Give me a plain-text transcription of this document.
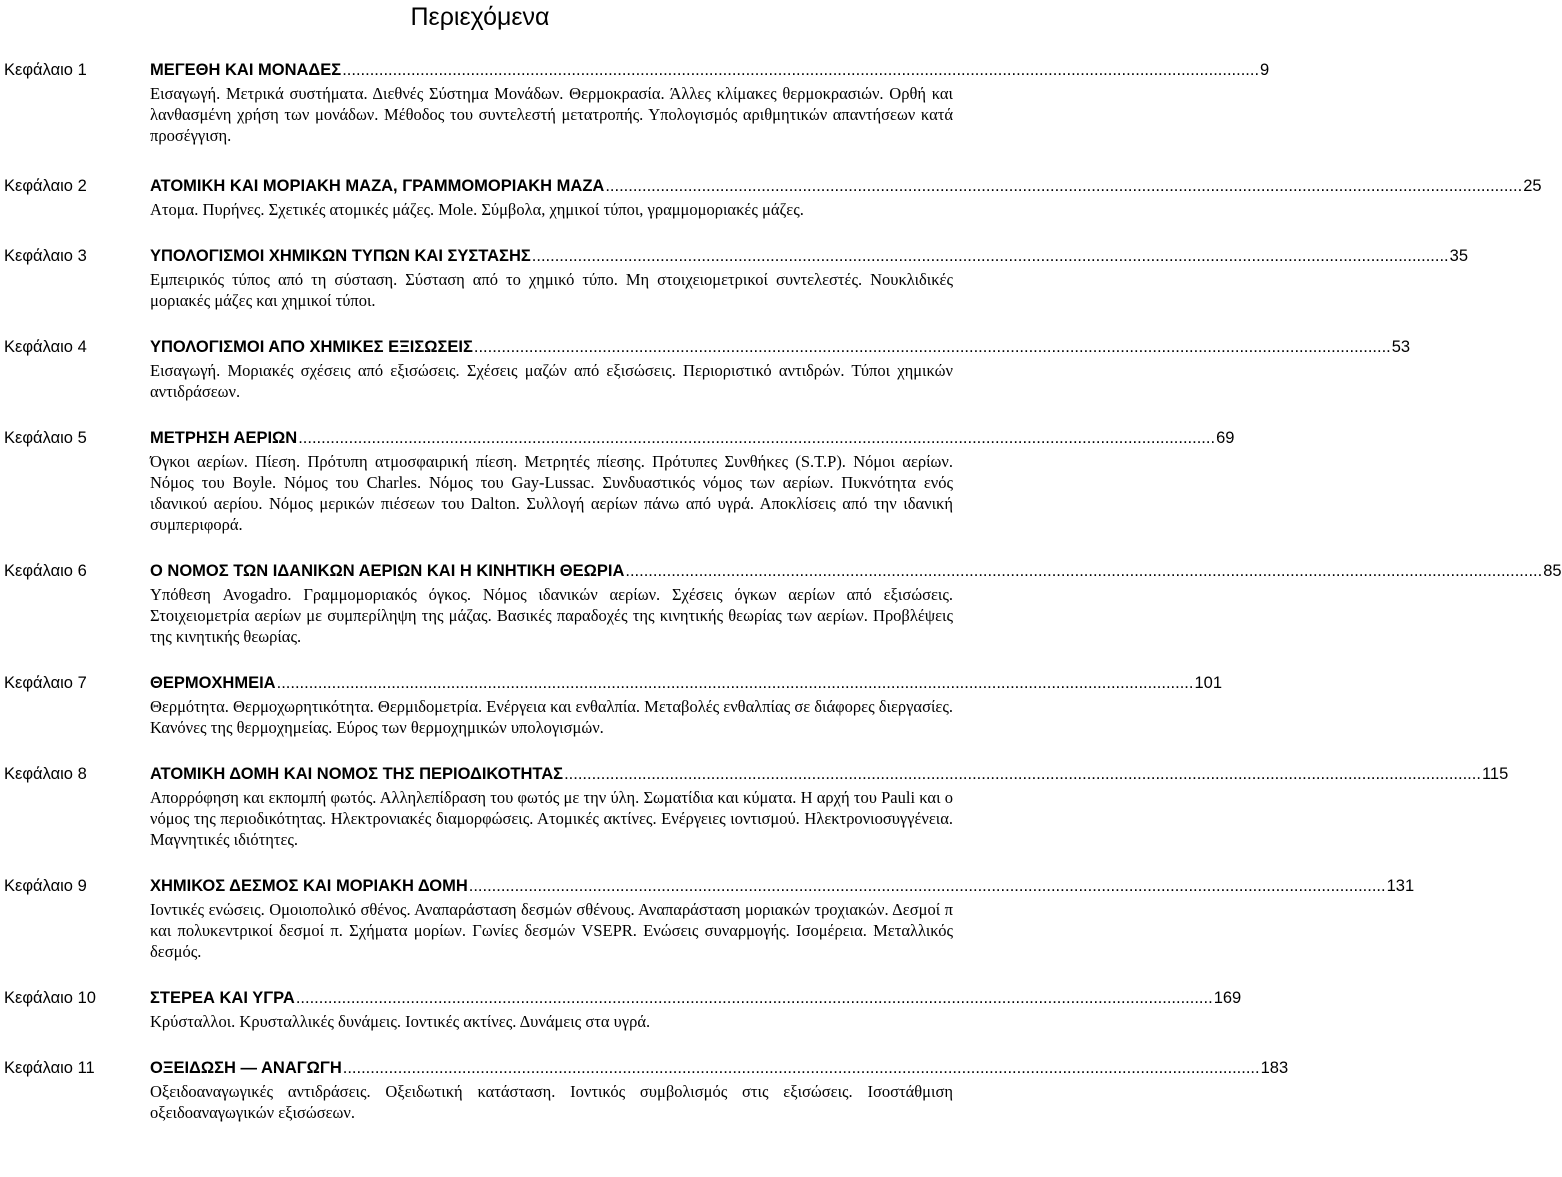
Περιεχόμενα
Κεφάλαιο 1	ΜΕΓΕΘΗ ΚΑΙ ΜΟΝΑΔΕΣ .....	9
Εισαγωγή. Μετρικά συστήματα. Διεθνές Σύστημα Μονάδων. Θερμοκρασία. Άλλες κλίμακες θερμοκρασιών. Ορθή και λανθασμένη χρήση των μονάδων. Μέθοδος του συντελεστή μετατροπής. Υπολογισμός αριθμητικών απαντήσεων κατά προσέγγιση.
Κεφάλαιο 2	ΑΤΟΜΙΚΗ ΚΑΙ ΜΟΡΙΑΚΗ ΜΑΖΑ, ΓΡΑΜΜΟΜΟΡΙΑΚΗ ΜΑΖΑ .....	25
Ατομα. Πυρήνες. Σχετικές ατομικές μάζες. Mole. Σύμβολα, χημικοί τύποι, γραμμομοριακές μάζες.
Κεφάλαιο 3	ΥΠΟΛΟΓΙΣΜΟΙ ΧΗΜΙΚΩΝ ΤΥΠΩΝ ΚΑΙ ΣΥΣΤΑΣΗΣ .....	35
Εμπειρικός τύπος από τη σύσταση. Σύσταση από το χημικό τύπο. Μη στοιχειομετρικοί συντελεστές. Νουκλιδικές μοριακές μάζες και χημικοί τύποι.
Κεφάλαιο 4	ΥΠΟΛΟΓΙΣΜΟΙ ΑΠΟ ΧΗΜΙΚΕΣ ΕΞΙΣΩΣΕΙΣ .....	53
Εισαγωγή. Μοριακές σχέσεις από εξισώσεις. Σχέσεις μαζών από εξισώσεις. Περιοριστικό αντιδρών. Τύποι χημικών αντιδράσεων.
Κεφάλαιο 5	ΜΕΤΡΗΣΗ ΑΕΡΙΩΝ .....	69
Όγκοι αερίων. Πίεση. Πρότυπη ατμοσφαιρική πίεση. Μετρητές πίεσης. Πρότυπες Συνθήκες (S.T.P). Νόμοι αερίων. Νόμος του Boyle. Νόμος του Charles. Νόμος του Gay-Lussac. Συνδυαστικός νόμος των αερίων. Πυκνότητα ενός ιδανικού αερίου. Νόμος μερικών πιέσεων του Dalton. Συλλογή αερίων πάνω από υγρά. Αποκλίσεις από την ιδανική συμπεριφορά.
Κεφάλαιο 6	Ο ΝΟΜΟΣ ΤΩΝ ΙΔΑΝΙΚΩΝ ΑΕΡΙΩΝ ΚΑΙ Η ΚΙΝΗΤΙΚΗ ΘΕΩΡΙΑ .....	85
Υπόθεση Avogadro. Γραμμομοριακός όγκος. Νόμος ιδανικών αερίων. Σχέσεις όγκων αερίων από εξισώσεις. Στοιχειομετρία αερίων με συμπερίληψη της μάζας. Βασικές παραδοχές της κινητικής θεωρίας των αερίων. Προβλέψεις της κινητικής θεωρίας.
Κεφάλαιο 7	ΘΕΡΜΟΧΗΜΕΙΑ .....	101
Θερμότητα. Θερμοχωρητικότητα. Θερμιδομετρία. Ενέργεια και ενθαλπία. Μεταβολές ενθαλπίας σε διάφορες διεργασίες. Κανόνες της θερμοχημείας. Εύρος των θερμοχημικών υπολογισμών.
Κεφάλαιο 8	ΑΤΟΜΙΚΗ ΔΟΜΗ ΚΑΙ ΝΟΜΟΣ ΤΗΣ ΠΕΡΙΟΔΙΚΟΤΗΤΑΣ .....	115
Απορρόφηση και εκπομπή φωτός. Αλληλεπίδραση του φωτός με την ύλη. Σωματίδια και κύματα. Η αρχή του Pauli και ο νόμος της περιοδικότητας. Ηλεκτρονιακές διαμορφώσεις. Ατομικές ακτίνες. Ενέργειες ιοντισμού. Ηλεκτρονιοσυγγένεια. Μαγνητικές ιδιότητες.
Κεφάλαιο 9	ΧΗΜΙΚΟΣ ΔΕΣΜΟΣ ΚΑΙ ΜΟΡΙΑΚΗ ΔΟΜΗ .....	131
Ιοντικές ενώσεις. Ομοιοπολικό σθένος. Αναπαράσταση δεσμών σθένους. Αναπαράσταση μοριακών τροχιακών. Δεσμοί π και πολυκεντρικοί δεσμοί π. Σχήματα μορίων. Γωνίες δεσμών VSEPR. Ενώσεις συναρμογής. Ισομέρεια. Μεταλλικός δεσμός.
Κεφάλαιο 10	ΣΤΕΡΕΑ ΚΑΙ ΥΓΡΑ .....	169
Κρύσταλλοι. Κρυσταλλικές δυνάμεις. Ιοντικές ακτίνες. Δυνάμεις στα υγρά.
Κεφάλαιο 11	ΟΞΕΙΔΩΣΗ — ΑΝΑΓΩΓΗ .....	183
Οξειδοαναγωγικές αντιδράσεις. Οξειδωτική κατάσταση. Ιοντικός συμβολισμός στις εξισώσεις. Ισοστάθμιση οξειδοαναγωγικών εξισώσεων.
